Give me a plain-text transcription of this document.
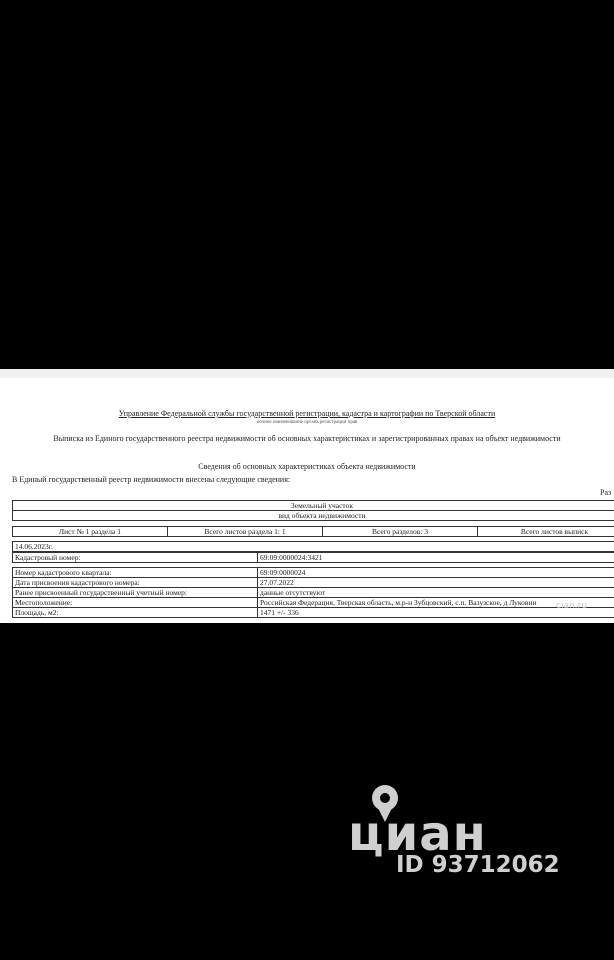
Управление Федеральной службы государственной регистрации, кадастра и картографии по Тверской области
полное наименование органа регистрации прав
Выписка из Единого государственного реестра недвижимости об основных характеристиках и зарегистрированных правах на объект недвижимости
Сведения об основных характеристиках объекта недвижимости
В Единый государственный реестр недвижимости внесены следующие сведения:
Раз
Земельный участок
вид объекта недвижимости
Лист № 1 раздела 1	Всего листов раздела 1: 1	Всего разделов: 3	Всего листов выписк
14.06.2023г.
Кадастровый номер:	69:09:0000024:3421
Номер кадастрового квартала:	69:09:0000024
Дата присвоения кадастрового номера:	27.07.2022
Ранее присвоенный государственный учетный номер:	данные отсутствуют
Местоположение:	Российская Федерация, Тверская область, м.р-н Зубцовский, с.п. Вазузское, д Луковни
Площадь, м2:	1471 +/- 336
cian.ru
циан
ID 93712062
